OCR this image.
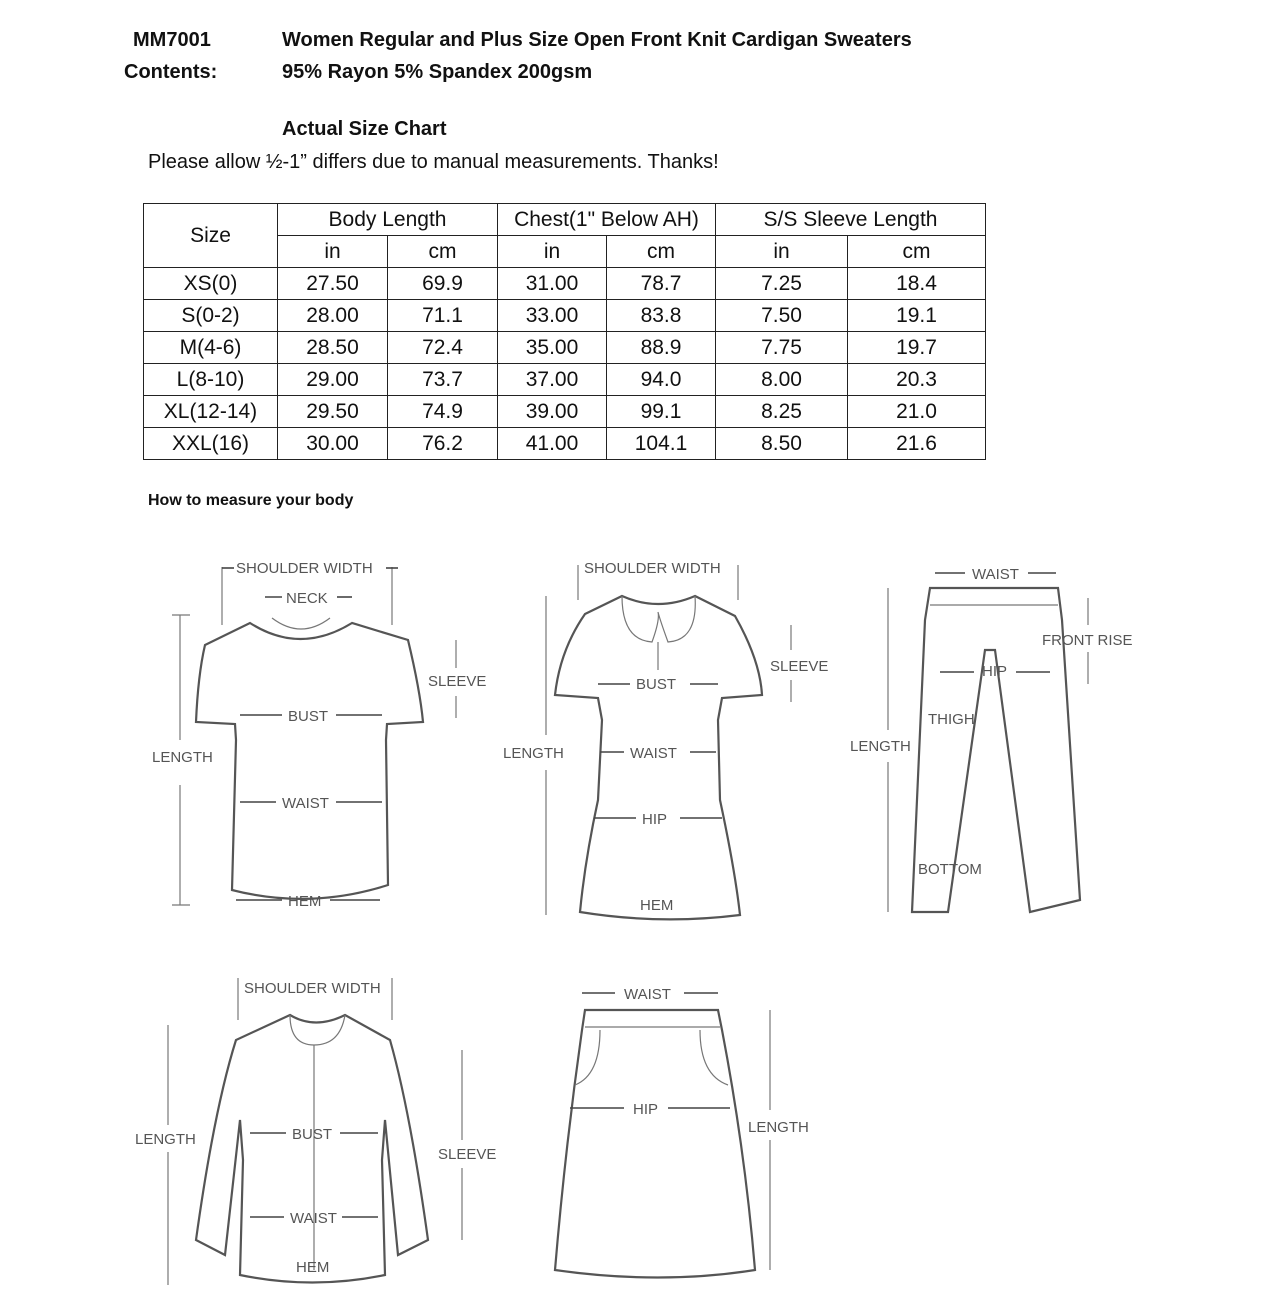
MM7001	Women Regular and Plus Size Open Front Knit Cardigan Sweaters
Contents:	95% Rayon 5% Spandex 200gsm
Actual Size Chart
Please allow ½-1” differs due to manual measurements. Thanks!
Size	Body Length		Chest(1" Below AH)		S/S Sleeve Length	
	in	cm	in	cm	in	cm
XS(0)	27.50	69.9	31.00	78.7	7.25	18.4
S(0-2)	28.00	71.1	33.00	83.8	7.50	19.1
M(4-6)	28.50	72.4	35.00	88.9	7.75	19.7
L(8-10)	29.00	73.7	37.00	94.0	8.00	20.3
XL(12-14)	29.50	74.9	39.00	99.1	8.25	21.0
XXL(16)	30.00	76.2	41.00	104.1	8.50	21.6
How to measure your body
SHOULDER WIDTH
NECK
LENGTH
SLEEVE
BUST
WAIST
HEM
SHOULDER WIDTH
LENGTH
SLEEVE
BUST
WAIST
HIP
HEM
WAIST
FRONT RISE
HIP
THIGH
LENGTH
BOTTOM
SHOULDER WIDTH
LENGTH	BUST
SLEEVE
WAIST
HEM
WAIST
HIP
LENGTH
